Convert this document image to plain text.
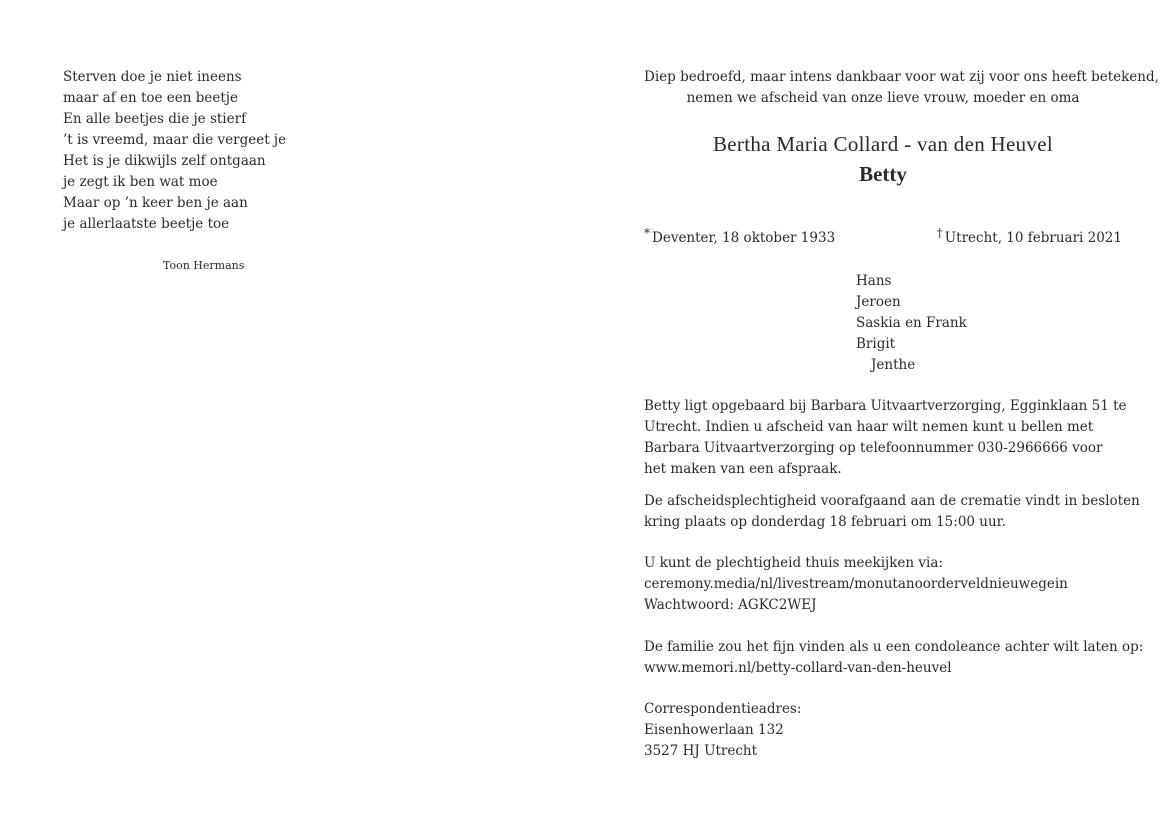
Sterven doe je niet ineens
maar af en toe een beetje
En alle beetjes die je stierf
’t is vreemd, maar die vergeet je
Het is je dikwijls zelf ontgaan
je zegt ik ben wat moe
Maar op ’n keer ben je aan
je allerlaatste beetje toe
Toon Hermans
Diep bedroefd, maar intens dankbaar voor wat zij voor ons heeft betekend,
nemen we afscheid van onze lieve vrouw, moeder en oma
Bertha Maria Collard - van den Heuvel
Betty
* Deventer, 18 oktober 1933	† Utrecht, 10 februari 2021
Hans
Jeroen
Saskia en Frank
Brigit
Jenthe
Betty ligt opgebaard bij Barbara Uitvaartverzorging, Egginklaan 51 te
Utrecht. Indien u afscheid van haar wilt nemen kunt u bellen met
Barbara Uitvaartverzorging op telefoonnummer 030-2966666 voor
het maken van een afspraak.
De afscheidsplechtigheid voorafgaand aan de crematie vindt in besloten
kring plaats op donderdag 18 februari om 15:00 uur.
U kunt de plechtigheid thuis meekijken via:
ceremony.media/nl/livestream/monutanoorderveldnieuwegein
Wachtwoord: AGKC2WEJ
De familie zou het fijn vinden als u een condoleance achter wilt laten op:
www.memori.nl/betty-collard-van-den-heuvel
Correspondentieadres:
Eisenhowerlaan 132
3527 HJ Utrecht
